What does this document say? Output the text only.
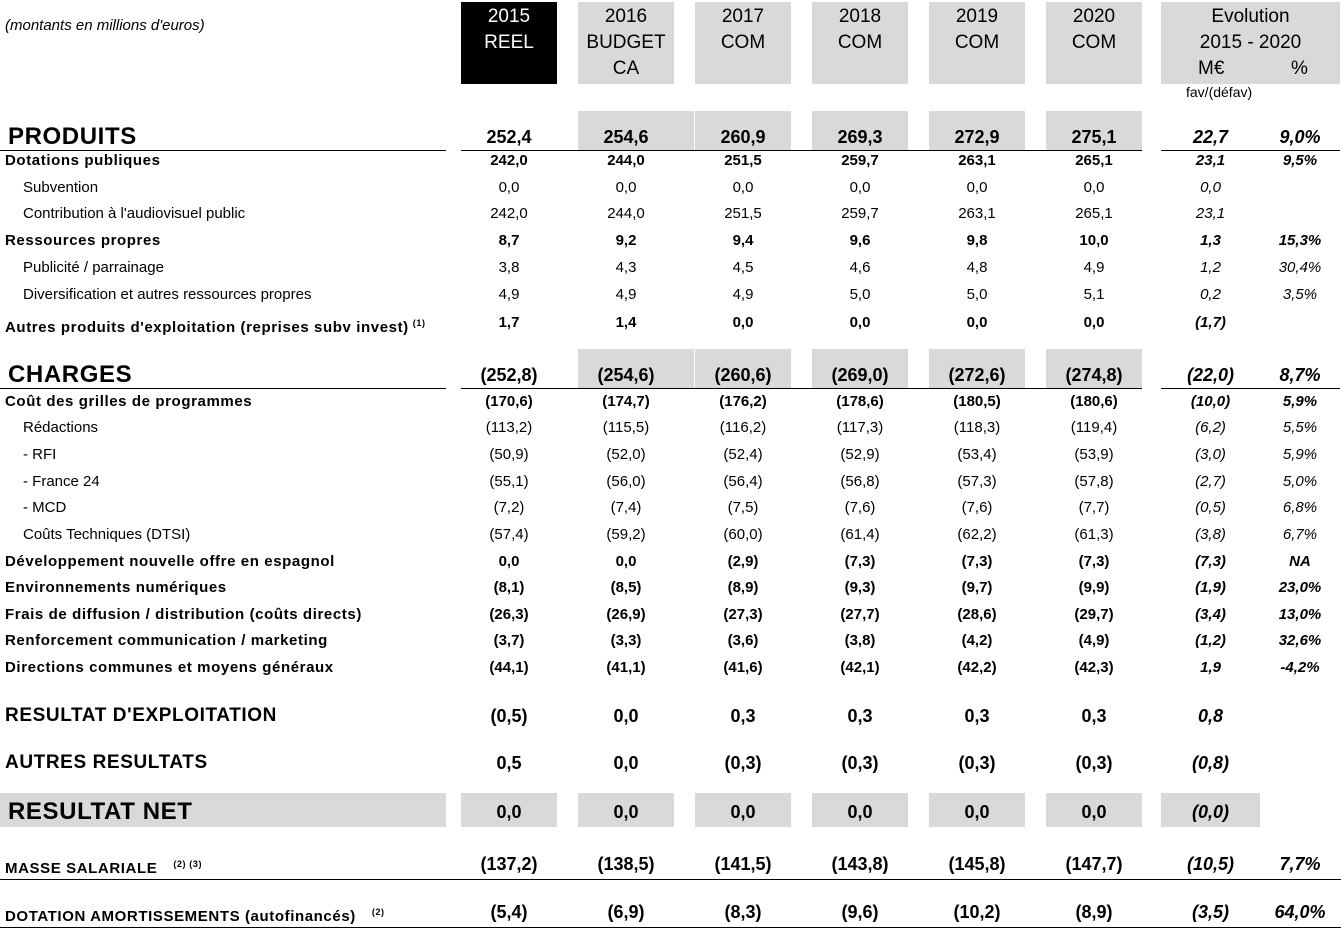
(montants en millions d'euros)	2015
REEL
2016
BUDGET
CA
2017
COM
2018
COM
2019
COM
2020
COM
Evolution
2015 - 2020
M€	%
fav/(défav)
PRODUITS	252,4	254,6	260,9	269,3	272,9	275,1	22,7	9,0%
Dotations publiques	242,0	244,0	251,5	259,7	263,1	265,1	23,1	9,5%
Subvention	0,0	0,0	0,0	0,0	0,0	0,0	0,0
Contribution à l'audiovisuel public	242,0	244,0	251,5	259,7	263,1	265,1	23,1
Ressources propres	8,7	9,2	9,4	9,6	9,8	10,0	1,3	15,3%
Publicité / parrainage	3,8	4,3	4,5	4,6	4,8	4,9	1,2	30,4%
Diversification et autres ressources propres	4,9	4,9	4,9	5,0	5,0	5,1	0,2	3,5%
Autres produits d'exploitation (reprises subv invest) $^{(1)}$	1,7	1,4	0,0	0,0	0,0	0,0	(1,7)
CHARGES	(252,8)	(254,6)	(260,6)	(269,0)	(272,6)	(274,8)	(22,0)	8,7%
Coût des grilles de programmes	(170,6)	(174,7)	(176,2)	(178,6)	(180,5)	(180,6)	(10,0)	5,9%
Rédactions	(113,2)	(115,5)	(116,2)	(117,3)	(118,3)	(119,4)	(6,2)	5,5%
- RFI	(50,9)	(52,0)	(52,4)	(52,9)	(53,4)	(53,9)	(3,0)	5,9%
- France 24	(55,1)	(56,0)	(56,4)	(56,8)	(57,3)	(57,8)	(2,7)	5,0%
- MCD	(7,2)	(7,4)	(7,5)	(7,6)	(7,6)	(7,7)	(0,5)	6,8%
Coûts Techniques (DTSI)	(57,4)	(59,2)	(60,0)	(61,4)	(62,2)	(61,3)	(3,8)	6,7%
Développement nouvelle offre en espagnol	0,0	0,0	(2,9)	(7,3)	(7,3)	(7,3)	(7,3)	NA
Environnements numériques	(8,1)	(8,5)	(8,9)	(9,3)	(9,7)	(9,9)	(1,9)	23,0%
Frais de diffusion / distribution (coûts directs)	(26,3)	(26,9)	(27,3)	(27,7)	(28,6)	(29,7)	(3,4)	13,0%
Renforcement communication / marketing	(3,7)	(3,3)	(3,6)	(3,8)	(4,2)	(4,9)	(1,2)	32,6%
Directions communes et moyens généraux	(44,1)	(41,1)	(41,6)	(42,1)	(42,2)	(42,3)	1,9	-4,2%
RESULTAT D'EXPLOITATION	(0,5)	0,0	0,3	0,3	0,3	0,3	0,8
AUTRES RESULTATS	0,5	0,0	(0,3)	(0,3)	(0,3)	(0,3)	(0,8)
RESULTAT NET	0,0	0,0	0,0	0,0	0,0	0,0	(0,0)
MASSE SALARIALE $^{(2) (3)}$	(137,2)	(138,5)	(141,5)	(143,8)	(145,8)	(147,7)	(10,5)	7,7%
DOTATION AMORTISSEMENTS (autofinancés) $^{(2)}$	(5,4)	(6,9)	(8,3)	(9,6)	(10,2)	(8,9)	(3,5)	64,0%
